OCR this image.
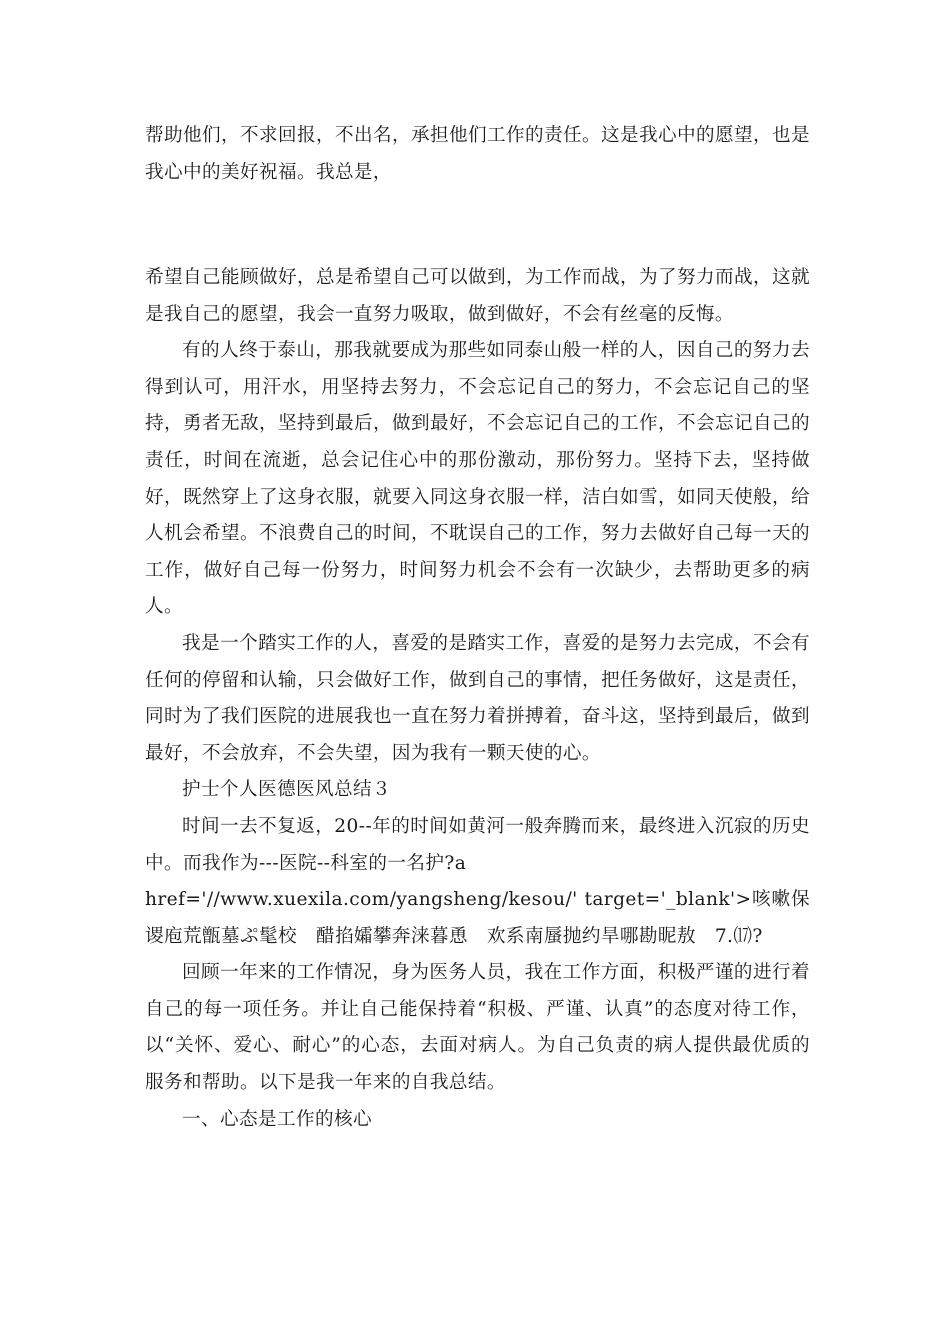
帮助他们，不求回报，不出名，承担他们工作的责任。这是我心中的愿望，也是我心中的美好祝福。我总是，

希望自己能顾做好，总是希望自己可以做到，为工作而战，为了努力而战，这就是我自己的愿望，我会一直努力吸取，做到做好，不会有丝毫的反悔。

有的人终于泰山，那我就要成为那些如同泰山般一样的人，因自己的努力去得到认可，用汗水，用坚持去努力，不会忘记自己的努力，不会忘记自己的坚持，勇者无敌，坚持到最后，做到最好，不会忘记自己的工作，不会忘记自己的责任，时间在流逝，总会记住心中的那份激动，那份努力。坚持下去，坚持做好，既然穿上了这身衣服，就要入同这身衣服一样，洁白如雪，如同天使般，给人机会希望。不浪费自己的时间，不耽误自己的工作，努力去做好自己每一天的工作，做好自己每一份努力，时间努力机会不会有一次缺少，去帮助更多的病人。

我是一个踏实工作的人，喜爱的是踏实工作，喜爱的是努力去完成，不会有任何的停留和认输，只会做好工作，做到自己的事情，把任务做好，这是责任，同时为了我们医院的进展我也一直在努力着拼搏着，奋斗这，坚持到最后，做到最好，不会放弃，不会失望，因为我有一颗天使的心。

护士个人医德医风总结３

时间一去不复返，20--年的时间如黄河一般奔腾而来，最终进入沉寂的历史中。而我作为---医院--科室的一名护?a

href='//www.xuexila.com/yangsheng/kesou/' target='_blank'>咳嗽保　谡庖荒甑墓ぷ髦校　醋掐孀攀奔涞暮恿　欢系南蜃抛约旱哪勘昵敖　7.⒄?

回顾一年来的工作情况，身为医务人员，我在工作方面，积极严谨的进行着自己的每一项任务。并让自己能保持着“积极、严谨、认真”的态度对待工作，以“关怀、爱心、耐心”的心态，去面对病人。为自己负责的病人提供最优质的服务和帮助。以下是我一年来的自我总结。

一、心态是工作的核心
